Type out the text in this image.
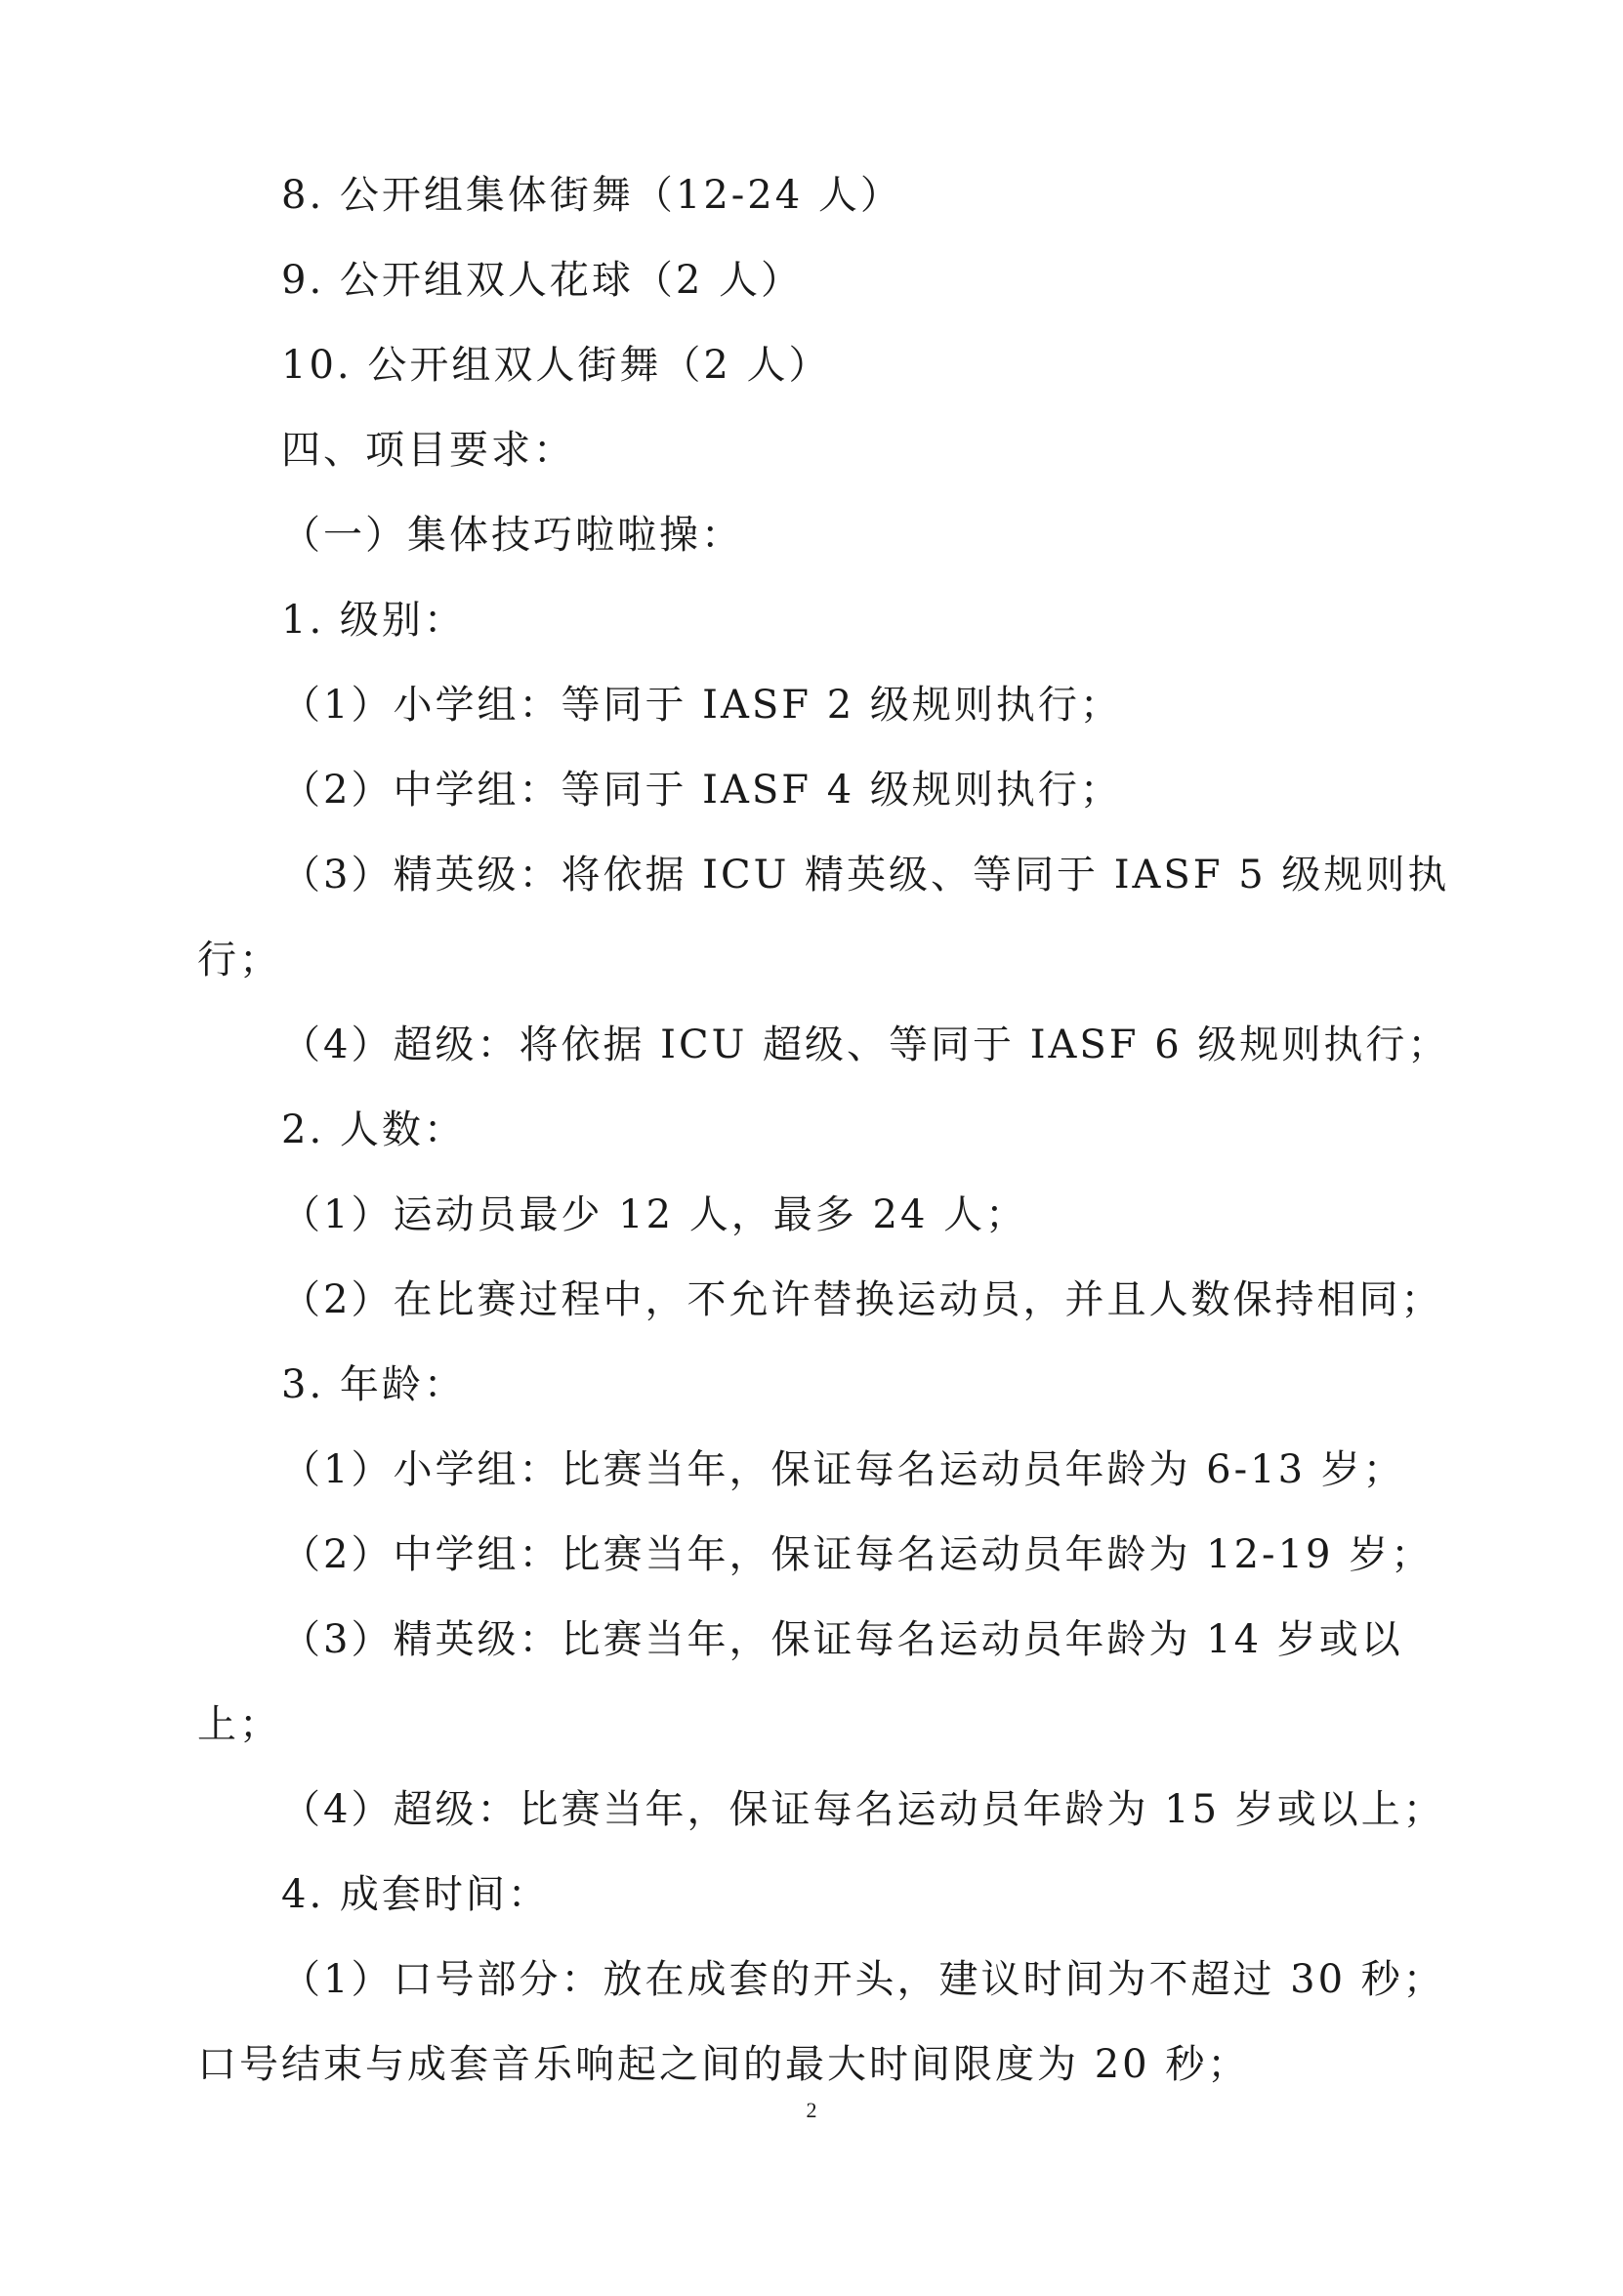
8. 公开组集体街舞（12-24 人）
9. 公开组双人花球（2 人）
10. 公开组双人街舞（2 人）
四、项目要求：
（一）集体技巧啦啦操：
1. 级别：
（1）小学组：等同于 IASF 2 级规则执行；
（2）中学组：等同于 IASF 4 级规则执行；
（3）精英级：将依据 ICU 精英级、等同于 IASF 5 级规则执
行；
（4）超级：将依据 ICU 超级、等同于 IASF 6 级规则执行；
2. 人数：
（1）运动员最少 12 人，最多 24 人；
（2）在比赛过程中，不允许替换运动员，并且人数保持相同；
3. 年龄：
（1）小学组：比赛当年，保证每名运动员年龄为 6-13 岁；
（2）中学组：比赛当年，保证每名运动员年龄为 12-19 岁；
（3）精英级：比赛当年，保证每名运动员年龄为 14 岁或以
上；
（4）超级：比赛当年，保证每名运动员年龄为 15 岁或以上；
4. 成套时间：
（1）口号部分：放在成套的开头，建议时间为不超过 30 秒；
口号结束与成套音乐响起之间的最大时间限度为 20 秒；
2
